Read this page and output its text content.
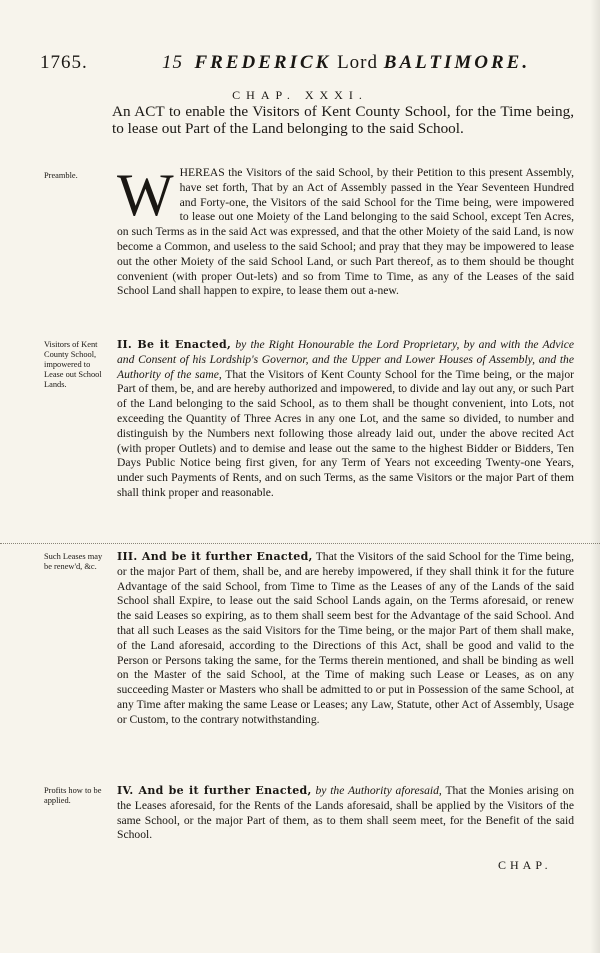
1765.	15 FREDERICK Lord BALTIMORE.
CHAP. XXXI.
An ACT to enable the Visitors of Kent County School, for the Time being, to lease out Part of the Land belonging to the said School.
Preamble. WHEREAS the Visitors of the said School, by their Petition to this present Assembly, have set forth, That by an Act of Assembly passed in the Year Seventeen Hundred and Forty-one, the Visitors of the said School for the Time being, were impowered to lease out one Moiety of the Land belonging to the said School, except Ten Acres, on such Terms as in the said Act was expressed, and that the other Moiety of the said Land, is now become a Common, and useless to the said School; and pray that they may be impowered to lease out the other Moiety of the said School Land, or such Part thereof, as to them should be thought convenient (with proper Out-lets) and so from Time to Time, as any of the Leases of the said School Land shall happen to expire, to lease them out a-new.
Visitors of Kent County School, impowered to Lease out School Lands.
II. Be it Enacted, by the Right Honourable the Lord Proprietary, by and with the Advice and Consent of his Lordship's Governor, and the Upper and Lower Houses of Assembly, and the Authority of the same, That the Visitors of Kent County School for the Time being, or the major Part of them, be, and are hereby authorized and impowered, to divide and lay out any, or such Part of the Land belonging to the said School, as to them shall be thought convenient, into Lots, not exceeding the Quantity of Three Acres in any one Lot, and the same so divided, to number and distinguish by the Numbers next following those already laid out, under the above recited Act (with proper Outlets) and to demise and lease out the same to the highest Bidder or Bidders, Ten Days Public Notice being first given, for any Term of Years not exceeding Twenty-one Years, under such Payments of Rents, and on such Terms, as the same Visitors or the major Part of them shall think proper and reasonable.
Such Leases may be renew'd, &c.
III. And be it further Enacted, That the Visitors of the said School for the Time being, or the major Part of them, shall be, and are hereby impowered, if they shall think it for the future Advantage of the said School, from Time to Time as the Leases of any of the Lands of the said School shall Expire, to lease out the said School Lands again, on the Terms aforesaid, or renew the said Leases so expiring, as to them shall seem best for the Advantage of the said School. And that all such Leases as the said Visitors for the Time being, or the major Part of them shall make, of the Land aforesaid, according to the Directions of this Act, shall be good and valid to the Person or Persons taking the same, for the Terms therein mentioned, and shall be binding as well on the Master of the said School, at the Time of making such Lease or Leases, as on any succeeding Master or Masters who shall be admitted to or put in Possession of the same School, at any Time after making the same Lease or Leases; any Law, Statute, other Act of Assembly, Usage or Custom, to the contrary notwithstanding.
Profits how to be applied.
IV. And be it further Enacted, by the Authority aforesaid, That the Monies arising on the Leases aforesaid, for the Rents of the Lands aforesaid, shall be applied by the Visitors of the same School, or the major Part of them, as to them shall seem meet, for the Benefit of the said School.
CHAP.
